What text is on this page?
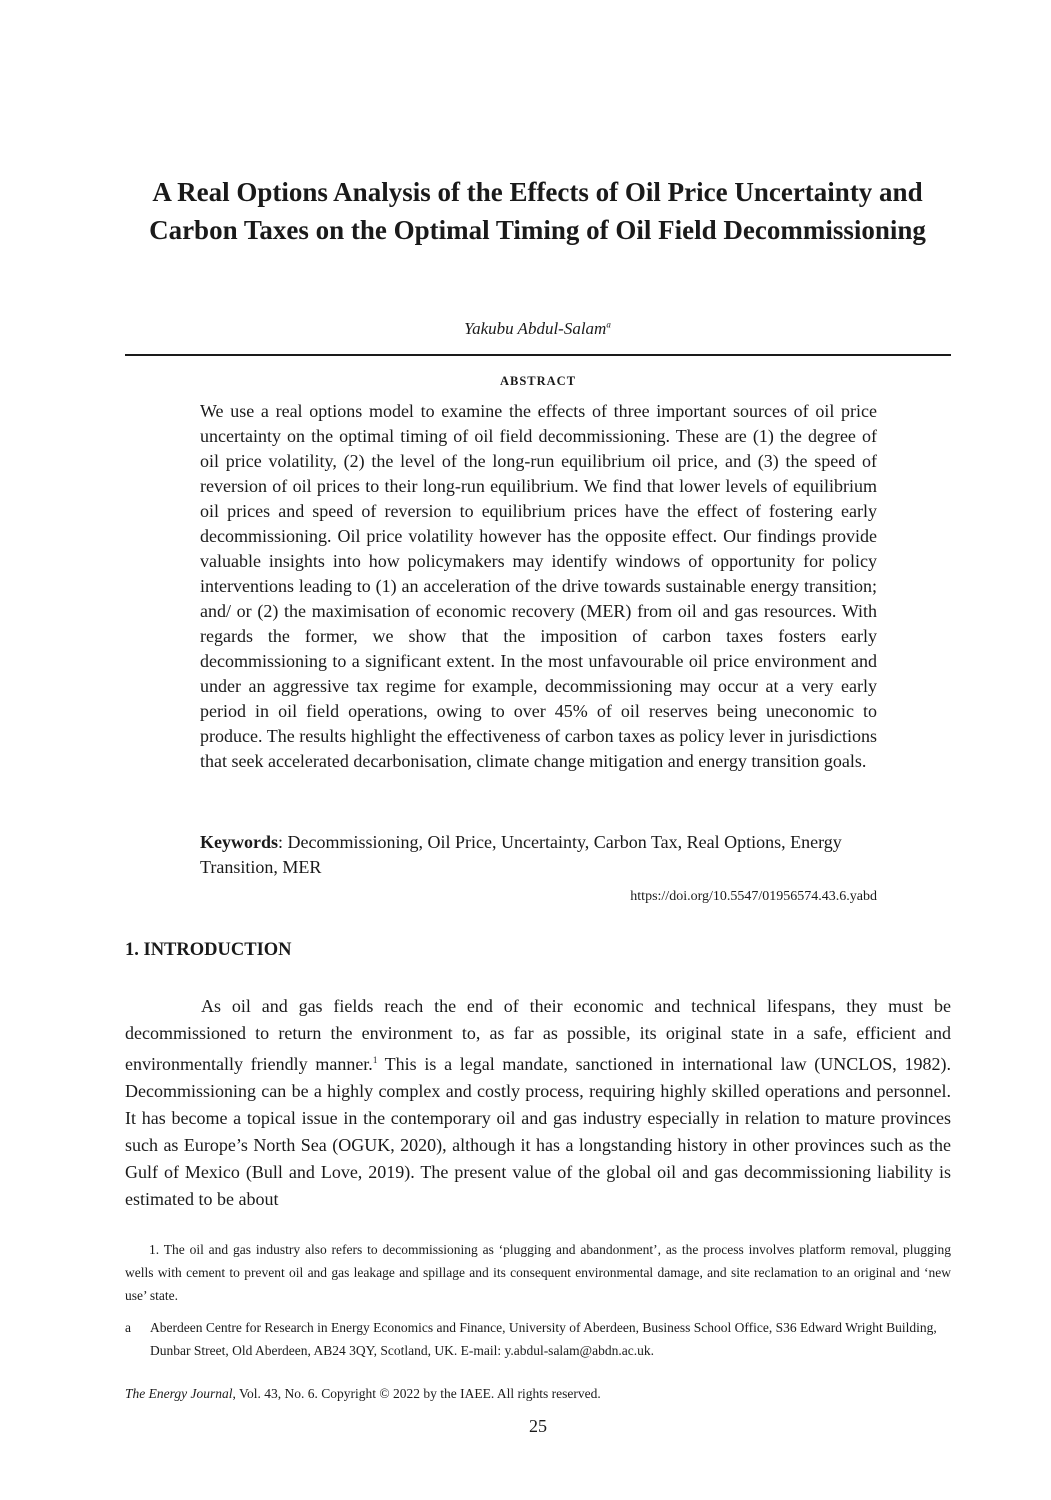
A Real Options Analysis of the Effects of Oil Price Uncertainty and Carbon Taxes on the Optimal Timing of Oil Field Decommissioning
Yakubu Abdul-Salam$^a$
ABSTRACT

We use a real options model to examine the effects of three important sources of oil price uncertainty on the optimal timing of oil field decommissioning. These are (1) the degree of oil price volatility, (2) the level of the long-run equilibrium oil price, and (3) the speed of reversion of oil prices to their long-run equilibrium. We find that lower levels of equilibrium oil prices and speed of reversion to equilibrium prices have the effect of fostering early decommissioning. Oil price volatility however has the opposite effect. Our findings provide valuable insights into how policymakers may identify windows of opportunity for policy interventions leading to (1) an acceleration of the drive towards sustainable energy transition; and/ or (2) the maximisation of economic recovery (MER) from oil and gas resources. With regards the former, we show that the imposition of carbon taxes fosters early decommissioning to a significant extent. In the most unfavourable oil price environment and under an aggressive tax regime for example, decommissioning may occur at a very early period in oil field operations, owing to over 45% of oil reserves being uneconomic to produce. The results highlight the effectiveness of carbon taxes as policy lever in jurisdictions that seek accelerated decarbonisation, climate change mitigation and energy transition goals.

Keywords: Decommissioning, Oil Price, Uncertainty, Carbon Tax, Real Options, Energy Transition, MER

https://doi.org/10.5547/01956574.43.6.yabd
1. INTRODUCTION

As oil and gas fields reach the end of their economic and technical lifespans, they must be decommissioned to return the environment to, as far as possible, its original state in a safe, efficient and environmentally friendly manner.$^1$ This is a legal mandate, sanctioned in international law (UNCLOS, 1982). Decommissioning can be a highly complex and costly process, requiring highly skilled operations and personnel. It has become a topical issue in the contemporary oil and gas industry especially in relation to mature provinces such as Europe’s North Sea (OGUK, 2020), although it has a longstanding history in other provinces such as the Gulf of Mexico (Bull and Love, 2019). The present value of the global oil and gas decommissioning liability is estimated to be about

1. The oil and gas industry also refers to decommissioning as ‘plugging and abandonment’, as the process involves platform removal, plugging wells with cement to prevent oil and gas leakage and spillage and its consequent environmental damage, and site reclamation to an original and ‘new use’ state.

a	Aberdeen Centre for Research in Energy Economics and Finance, University of Aberdeen, Business School Office, S36 Edward Wright Building, Dunbar Street, Old Aberdeen, AB24 3QY, Scotland, UK. E-mail: y.abdul-salam@abdn.ac.uk.
The Energy Journal, Vol. 43, No. 6. Copyright © 2022 by the IAEE. All rights reserved.
25
